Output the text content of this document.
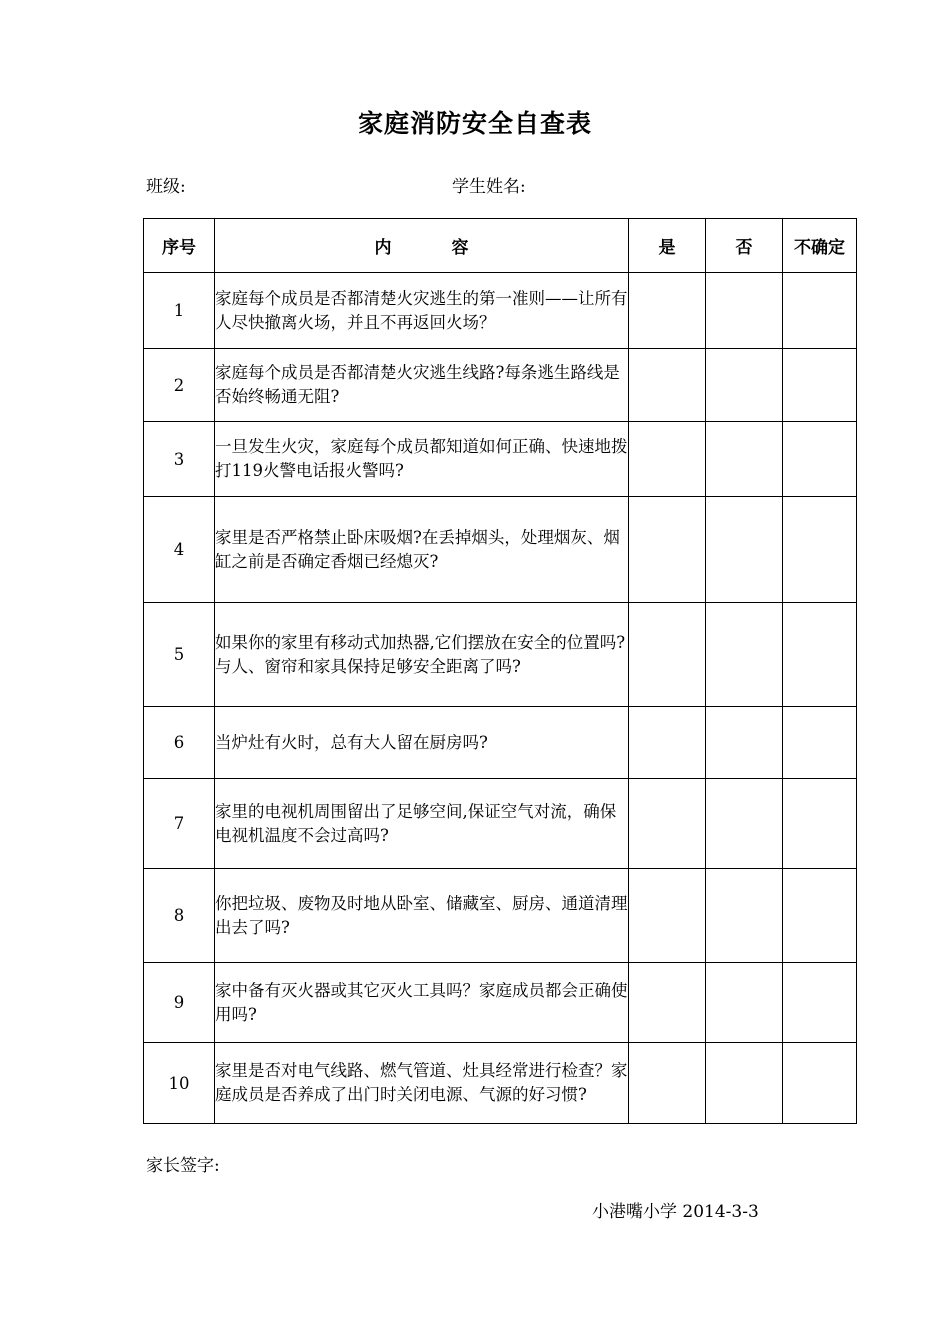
家庭消防安全自查表
班级:	学生姓名:
序号	内 容	是	否	不确定
1	家庭每个成员是否都清楚火灾逃生的第一准则——让所有人尽快撤离火场，并且不再返回火场？			
2	家庭每个成员是否都清楚火灾逃生线路?每条逃生路线是否始终畅通无阻?			
3	一旦发生火灾，家庭每个成员都知道如何正确、快速地拨打119火警电话报火警吗?			
4	家里是否严格禁止卧床吸烟?在丢掉烟头，处理烟灰、烟缸之前是否确定香烟已经熄灭?			
5	如果你的家里有移动式加热器,它们摆放在安全的位置吗?与人、窗帘和家具保持足够安全距离了吗?			
6	当炉灶有火时，总有大人留在厨房吗?			
7	家里的电视机周围留出了足够空间,保证空气对流，确保电视机温度不会过高吗?			
8	你把垃圾、废物及时地从卧室、储藏室、厨房、通道清理出去了吗?			
9	家中备有灭火器或其它灭火工具吗？家庭成员都会正确使用吗?			
10	家里是否对电气线路、燃气管道、灶具经常进行检查？家庭成员是否养成了出门时关闭电源、气源的好习惯?			
家长签字:
小港嘴小学 2014-3-3
